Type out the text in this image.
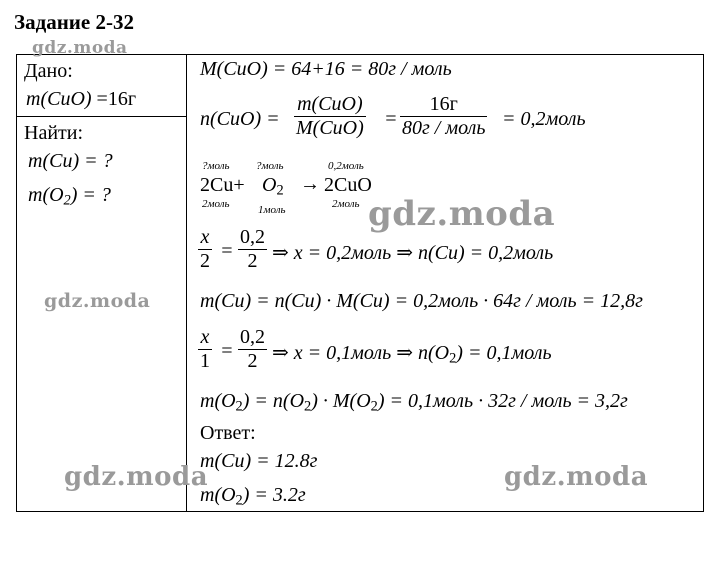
Задание 2-32
Дано:
m(CuO) =16г
Найти:
m(Cu) = ?
$m(O_2)$ = ?
M(CuO) = 64+16 = 80г / моль
n(CuO) =
m(CuO)
M(CuO) =
16г
80г / моль = 0,2моль
?моль ?моль	0,2моль
$2Cu+ O_2 \to 2CuO$
2моль	1моль	2моль
x
2 =
0,2
2 ⇒ x = 0,2моль ⇒ n(Cu) = 0,2моль
m(Cu) = n(Cu) · M(Cu) = 0,2моль · 64г / моль = 12,8г
x
1 =
0,2
2 ⇒ x = 0,1моль ⇒ $n(O_2)$ = 0,1моль
$m(O_2) = n(O_2) \cdot M(O_2)$ = 0,1моль · 32г / моль = 3,2г
Ответ:
m(Cu) = 12.8г
$m(O_2) = 3.2г$
gdz.moda
gdz.moda
gdz.moda
gdz.moda	gdz.moda
